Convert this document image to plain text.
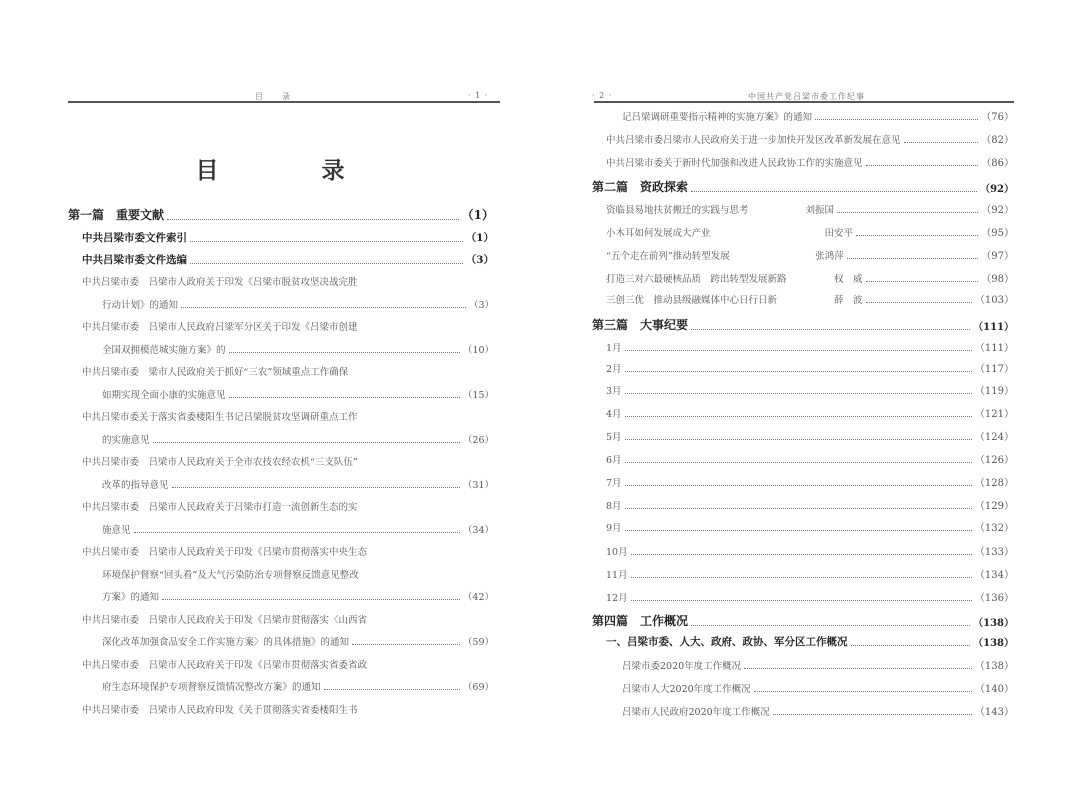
目　　录	· 1 ·
目　录
第一篇　重要文献	（1）
中共吕梁市委文件索引	（1）
中共吕梁市委文件选编	（3）
中共吕梁市委　吕梁市人政府关于印发《吕梁市脱贫攻坚决战完胜
行动计划》的通知	（3）
中共吕梁市委　吕梁市人民政府吕梁军分区关于印发《吕梁市创建
全国双拥模范城实施方案》的	（10）
中共吕梁市委　梁市人民政府关于抓好“三农”领域重点工作确保
如期实现全面小康的实施意见	（15）
中共吕梁市委关于落实省委楼阳生书记吕梁脱贫攻坚调研重点工作
的实施意见	（26）
中共吕梁市委　吕梁市人民政府关于全市农技农经农机“三支队伍”
改革的指导意见	（31）
中共吕梁市委　吕梁市人民政府关于吕梁市打造一流创新生态的实
施意见	（34）
中共吕梁市委　吕梁市人民政府关于印发《吕梁市贯彻落实中央生态
环境保护督察“回头看”及大气污染防治专项督察反馈意见整改
方案》的通知	（42）
中共吕梁市委　吕梁市人民政府关于印发《吕梁市贯彻落实〈山西省
深化改革加强食品安全工作实施方案〉的具体措施》的通知	（59）
中共吕梁市委　吕梁市人民政府关于印发《吕梁市贯彻落实省委省政
府生态环境保护专项督察反馈情况整改方案》的通知	（69）
中共吕梁市委　吕梁市人民政府印发《关于贯彻落实省委楼阳生书
· 2 ·	中国共产党吕梁市委工作纪事
记吕梁调研重要指示精神的实施方案》的通知	（76）
中共吕梁市委吕梁市人民政府关于进一步加快开发区改革新发展在意见	（82）
中共吕梁市委关于新时代加强和改进人民政协工作的实施意见	（86）
第二篇　资政探索	（92）
资临县易地扶贫搬迁的实践与思考　　　　　　刘振国	（92）
小木耳如何发展成大产业　　　　　　　　　　　　田安平	（95）
“五个走在前列”推动转型发展　　　　　　　　　张鸿萍	（97）
打造三对六最硬核品质　跨出转型发展新路　　　　　权　威	（98）
三创三优　推动县级融媒体中心日行日新　　　　　　薛　波	（103）
第三篇　大事纪要	（111）
1月	（111）
2月	（117）
3月	（119）
4月	（121）
5月	（124）
6月	（126）
7月	（128）
8月	（129）
9月	（132）
10月	（133）
11月	（134）
12月	（136）
第四篇　工作概况	（138）
一、吕梁市委、人大、政府、政协、军分区工作概况	（138）
吕梁市委2020年度工作概况	（138）
吕梁市人大2020年度工作概况	（140）
吕梁市人民政府2020年度工作概况	（143）
